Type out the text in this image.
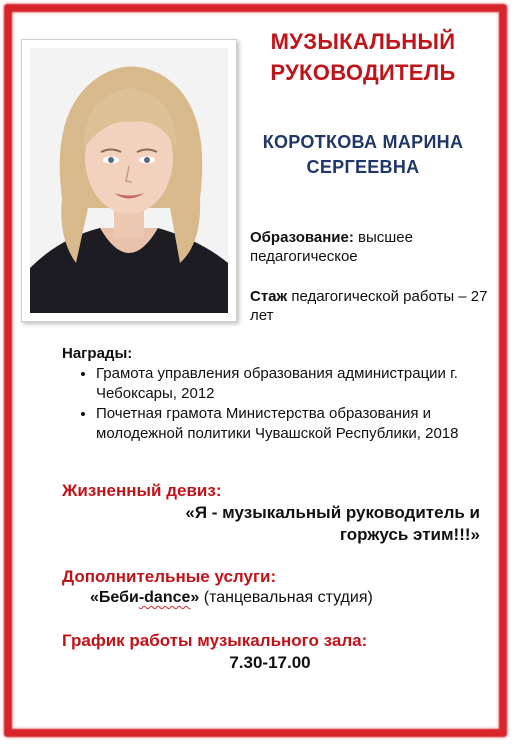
МУЗЫКАЛЬНЫЙ
РУКОВОДИТЕЛЬ
КОРОТКОВА МАРИНА
СЕРГЕЕВНА
Образование: высшее педагогическое
Стаж педагогической работы – 27 лет
Награды:
• Грамота управления образования администрации г. Чебоксары, 2012
• Почетная грамота Министерства образования и молодежной политики Чувашской Республики, 2018
Жизненный девиз:
«Я - музыкальный руководитель и
горжусь этим!!!»
Дополнительные услуги:
«Беби-dance» (танцевальная студия)
График работы музыкального зала:
7.30-17.00
